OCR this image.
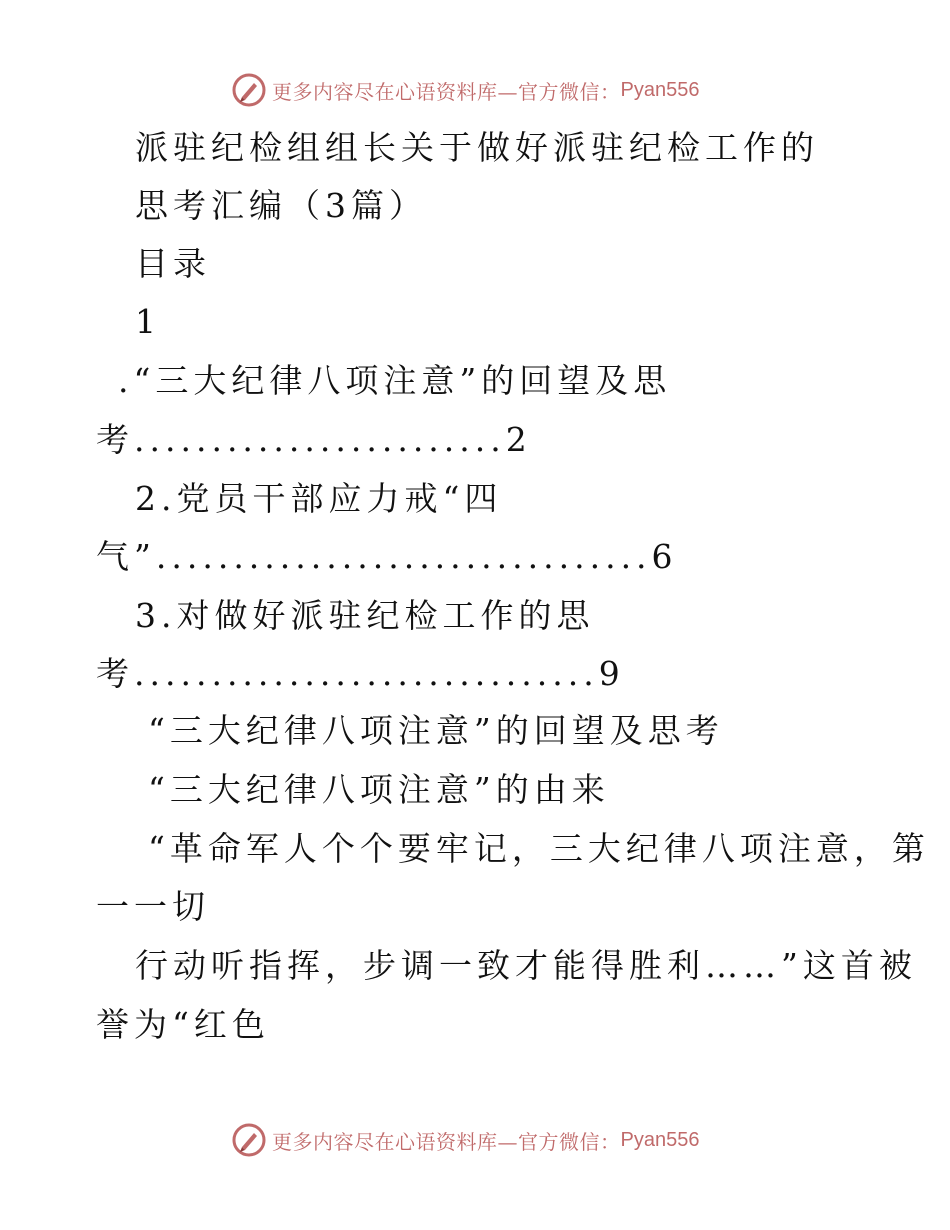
更多内容尽在心语资料库—官方微信： Pyan556
派驻纪检组组长关于做好派驻纪检工作的
思考汇编（3篇）
目录
1
.“三大纪律八项注意”的回望及思
考........................2
2.党员干部应力戒“四
气”................................6
3.对做好派驻纪检工作的思
考..............................9
“三大纪律八项注意”的回望及思考
“三大纪律八项注意”的由来
“革命军人个个要牢记，三大纪律八项注意，第
一一切
行动听指挥，步调一致才能得胜利……”这首被
誉为“红色
更多内容尽在心语资料库—官方微信： Pyan556
